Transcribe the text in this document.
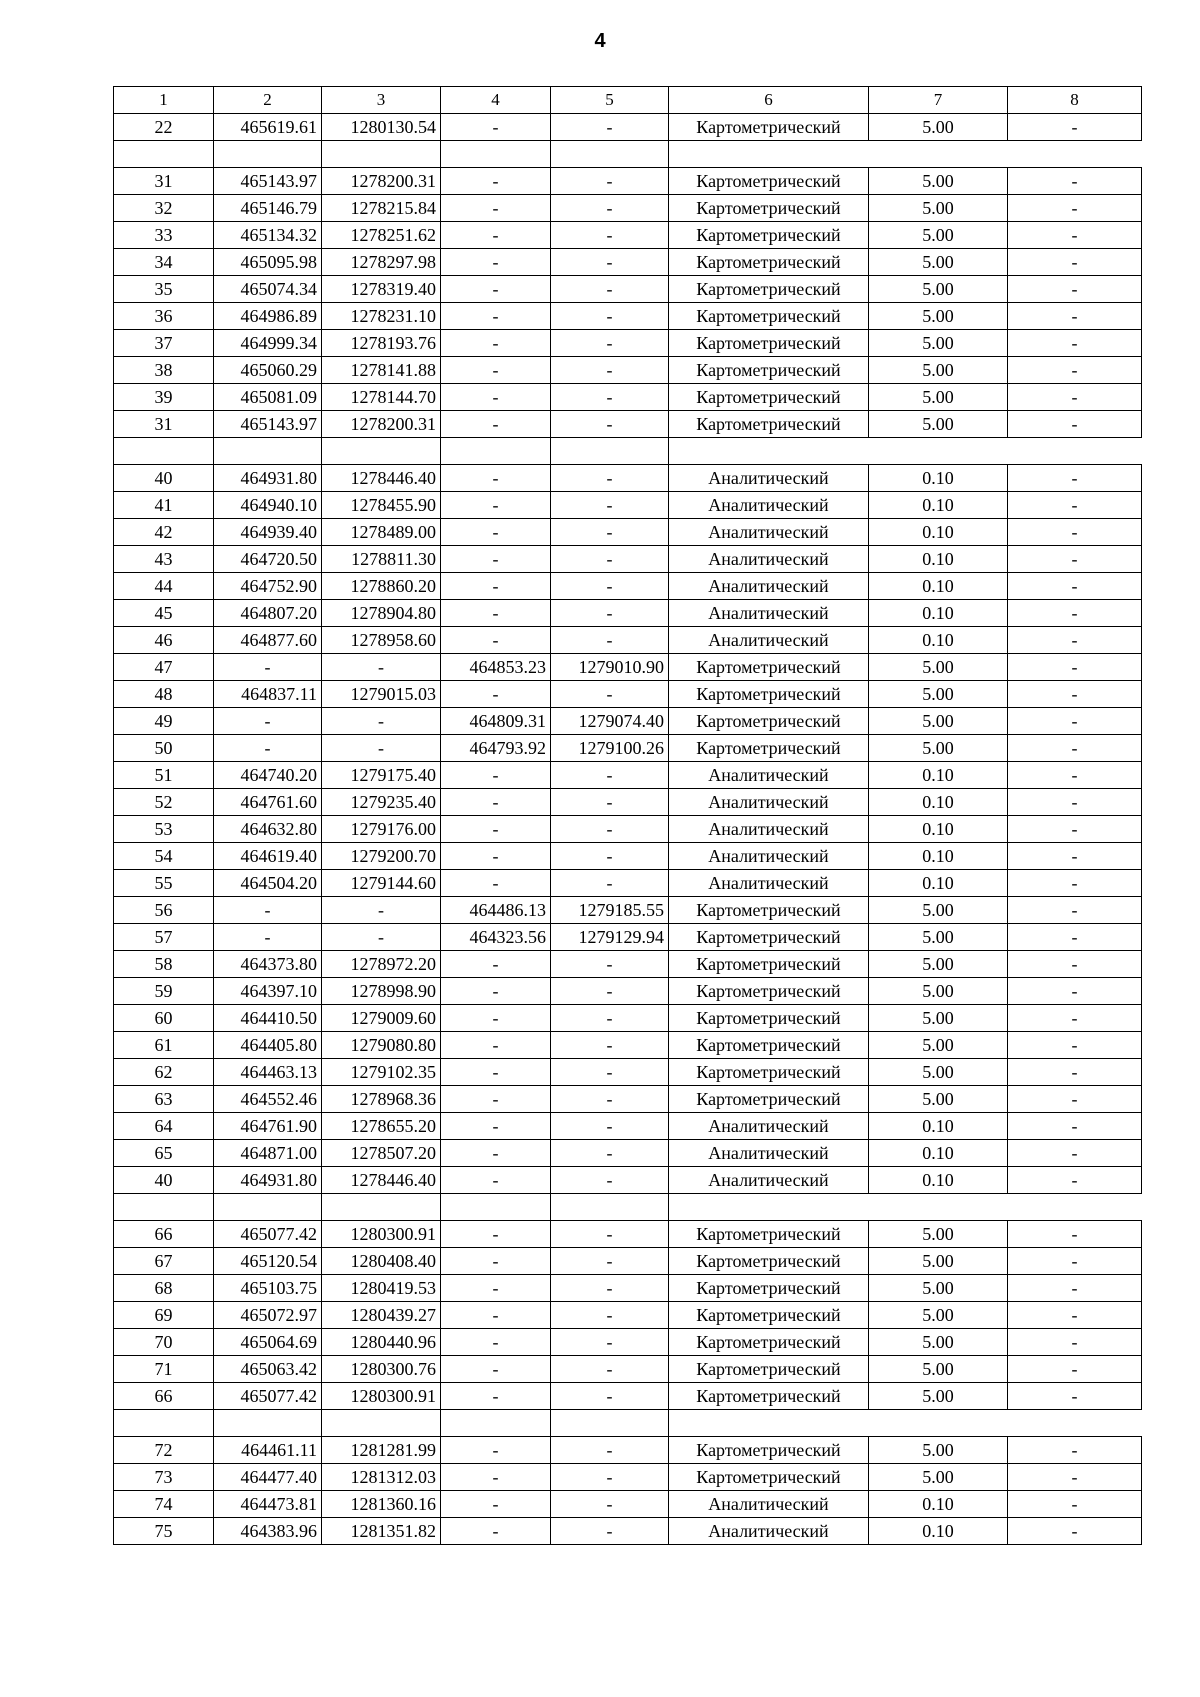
4
1	2	3	4	5	6	7	8
22	465619.61	1280130.54	-	-	Картометрический	5.00	-

31	465143.97	1278200.31	-	-	Картометрический	5.00	-
32	465146.79	1278215.84	-	-	Картометрический	5.00	-
33	465134.32	1278251.62	-	-	Картометрический	5.00	-
34	465095.98	1278297.98	-	-	Картометрический	5.00	-
35	465074.34	1278319.40	-	-	Картометрический	5.00	-
36	464986.89	1278231.10	-	-	Картометрический	5.00	-
37	464999.34	1278193.76	-	-	Картометрический	5.00	-
38	465060.29	1278141.88	-	-	Картометрический	5.00	-
39	465081.09	1278144.70	-	-	Картометрический	5.00	-
31	465143.97	1278200.31	-	-	Картометрический	5.00	-

40	464931.80	1278446.40	-	-	Аналитический	0.10	-
41	464940.10	1278455.90	-	-	Аналитический	0.10	-
42	464939.40	1278489.00	-	-	Аналитический	0.10	-
43	464720.50	1278811.30	-	-	Аналитический	0.10	-
44	464752.90	1278860.20	-	-	Аналитический	0.10	-
45	464807.20	1278904.80	-	-	Аналитический	0.10	-
46	464877.60	1278958.60	-	-	Аналитический	0.10	-
47	-	-	464853.23	1279010.90	Картометрический	5.00	-
48	464837.11	1279015.03	-	-	Картометрический	5.00	-
49	-	-	464809.31	1279074.40	Картометрический	5.00	-
50	-	-	464793.92	1279100.26	Картометрический	5.00	-
51	464740.20	1279175.40	-	-	Аналитический	0.10	-
52	464761.60	1279235.40	-	-	Аналитический	0.10	-
53	464632.80	1279176.00	-	-	Аналитический	0.10	-
54	464619.40	1279200.70	-	-	Аналитический	0.10	-
55	464504.20	1279144.60	-	-	Аналитический	0.10	-
56	-	-	464486.13	1279185.55	Картометрический	5.00	-
57	-	-	464323.56	1279129.94	Картометрический	5.00	-
58	464373.80	1278972.20	-	-	Картометрический	5.00	-
59	464397.10	1278998.90	-	-	Картометрический	5.00	-
60	464410.50	1279009.60	-	-	Картометрический	5.00	-
61	464405.80	1279080.80	-	-	Картометрический	5.00	-
62	464463.13	1279102.35	-	-	Картометрический	5.00	-
63	464552.46	1278968.36	-	-	Картометрический	5.00	-
64	464761.90	1278655.20	-	-	Аналитический	0.10	-
65	464871.00	1278507.20	-	-	Аналитический	0.10	-
40	464931.80	1278446.40	-	-	Аналитический	0.10	-

66	465077.42	1280300.91	-	-	Картометрический	5.00	-
67	465120.54	1280408.40	-	-	Картометрический	5.00	-
68	465103.75	1280419.53	-	-	Картометрический	5.00	-
69	465072.97	1280439.27	-	-	Картометрический	5.00	-
70	465064.69	1280440.96	-	-	Картометрический	5.00	-
71	465063.42	1280300.76	-	-	Картометрический	5.00	-
66	465077.42	1280300.91	-	-	Картометрический	5.00	-

72	464461.11	1281281.99	-	-	Картометрический	5.00	-
73	464477.40	1281312.03	-	-	Картометрический	5.00	-
74	464473.81	1281360.16	-	-	Аналитический	0.10	-
75	464383.96	1281351.82	-	-	Аналитический	0.10	-
